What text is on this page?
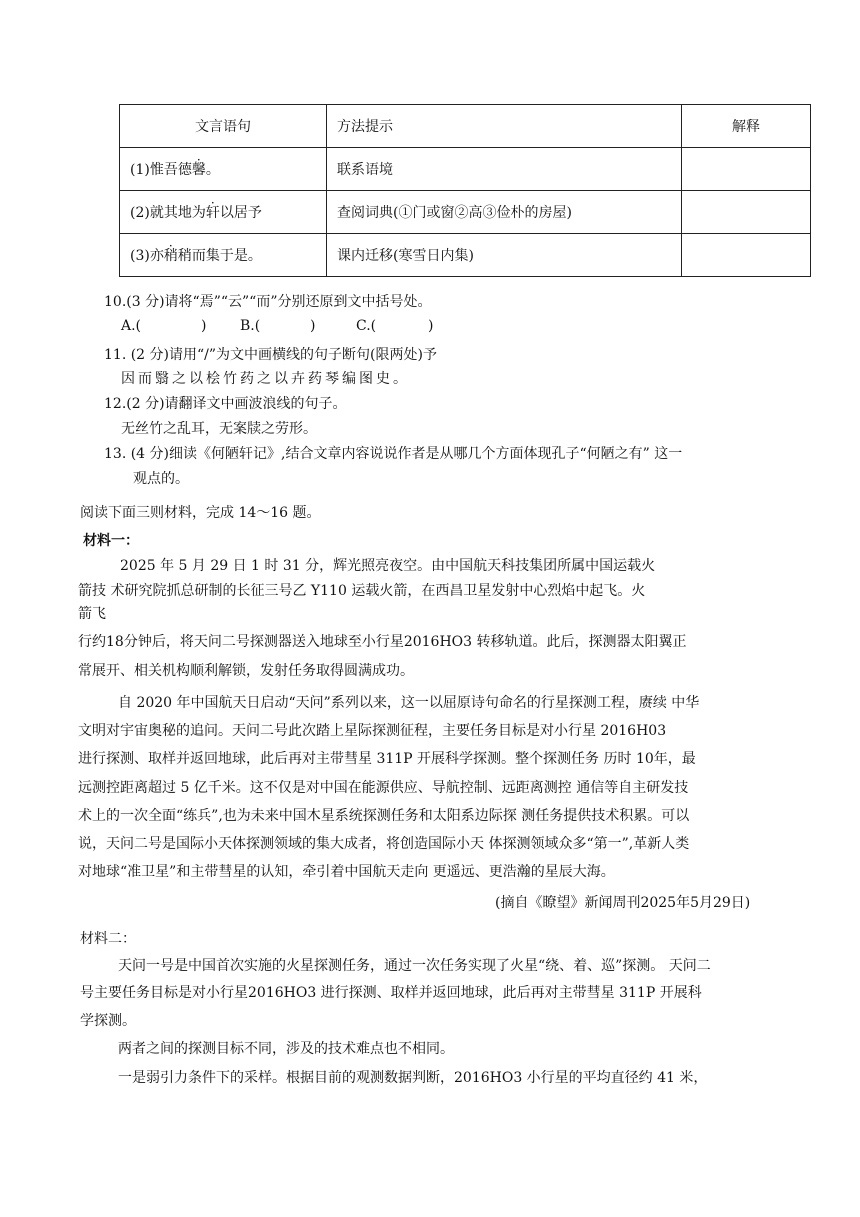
文言语句	方法提示	解释
(1)惟吾德馨。	联系语境	
(2)就其地为轩以居予	查阅词典(①门或窗②高③俭朴的房屋)	
(3)亦稍稍而集于是。	课内迁移(寒雪日内集)	
10.(3 分)请将“焉”“云”“而”分别还原到文中括号处。
A.(	) B.(	)	C.(	)
11. (2 分)请用“/”为文中画横线的句子断句(限两处)予
因而翳之以桧竹药之以卉药琴编图史。
12.(2 分)请翻译文中画波浪线的句子。
无丝竹之乱耳，无案牍之劳形。
13. (4 分)细读《何陋轩记》,结合文章内容说说作者是从哪几个方面体现孔子“何陋之有” 这一
观点的。
阅读下面三则材料，完成 14～16 题。
材料一：
2025 年 5 月 29 日 1 时 31 分，辉光照亮夜空。由中国航天科技集团所属中国运载火
箭技 术研究院抓总研制的长征三号乙 Y110 运载火箭，在西昌卫星发射中心烈焰中起飞。火
箭飞
行约18分钟后，将天问二号探测器送入地球至小行星2016HO3 转移轨道。此后，探测器太阳翼正
常展开、相关机构顺利解锁，发射任务取得圆满成功。
自 2020 年中国航天日启动“天问”系列以来，这一以屈原诗句命名的行星探测工程，赓续 中华
文明对宇宙奥秘的追问。天问二号此次踏上星际探测征程，主要任务目标是对小行星 2016H03
进行探测、取样并返回地球，此后再对主带彗星 311P 开展科学探测。整个探测任务 历时 10年，最
远测控距离超过 5 亿千米。这不仅是对中国在能源供应、导航控制、远距离测控 通信等自主研发技
术上的一次全面“练兵”,也为未来中国木星系统探测任务和太阳系边际探 测任务提供技术积累。可以
说，天问二号是国际小天体探测领域的集大成者，将创造国际小天 体探测领域众多“第一”,革新人类
对地球“准卫星”和主带彗星的认知，牵引着中国航天走向 更遥远、更浩瀚的星辰大海。
(摘自《瞭望》新闻周刊2025年5月29日)
材料二：
天问一号是中国首次实施的火星探测任务，通过一次任务实现了火星“绕、着、巡”探测。 天问二
号主要任务目标是对小行星2016HO3 进行探测、取样并返回地球，此后再对主带彗星 311P 开展科
学探测。
两者之间的探测目标不同，涉及的技术难点也不相同。
一是弱引力条件下的采样。根据目前的观测数据判断，2016HO3 小行星的平均直径约 41 米，
